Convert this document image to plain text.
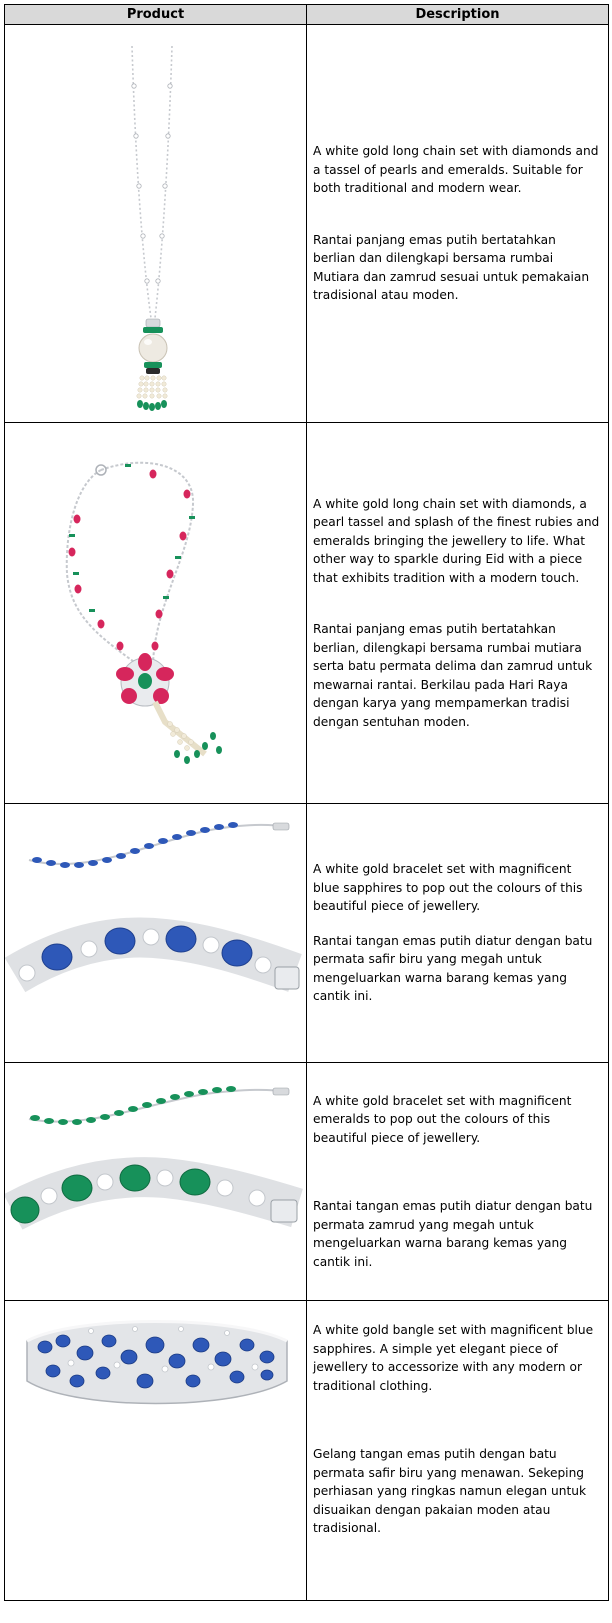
Product	Description

A white gold long chain set with diamonds and a tassel of pearls and emeralds. Suitable for both traditional and modern wear.

Rantai panjang emas putih bertatahkan berlian dan dilengkapi bersama rumbai Mutiara dan zamrud sesuai untuk pemakaian tradisional atau moden.

A white gold long chain set with diamonds, a pearl tassel and splash of the finest rubies and emeralds bringing the jewellery to life. What other way to sparkle during Eid with a piece that exhibits tradition with a modern touch.

Rantai panjang emas putih bertatahkan berlian, dilengkapi bersama rumbai mutiara serta batu permata delima dan zamrud untuk mewarnai rantai. Berkilau pada Hari Raya dengan karya yang mempamerkan tradisi dengan sentuhan moden.

A white gold bracelet set with magnificent blue sapphires to pop out the colours of this beautiful piece of jewellery.

Rantai tangan emas putih diatur dengan batu permata safir biru yang megah untuk mengeluarkan warna barang kemas yang cantik ini.

A white gold bracelet set with magnificent emeralds to pop out the colours of this beautiful piece of jewellery.

Rantai tangan emas putih diatur dengan batu permata zamrud yang megah untuk mengeluarkan warna barang kemas yang cantik ini.

A white gold bangle set with magnificent blue sapphires. A simple yet elegant piece of jewellery to accessorize with any modern or traditional clothing.

Gelang tangan emas putih dengan batu permata safir biru yang menawan. Sekeping perhiasan yang ringkas namun elegan untuk disuaikan dengan pakaian moden atau tradisional.
